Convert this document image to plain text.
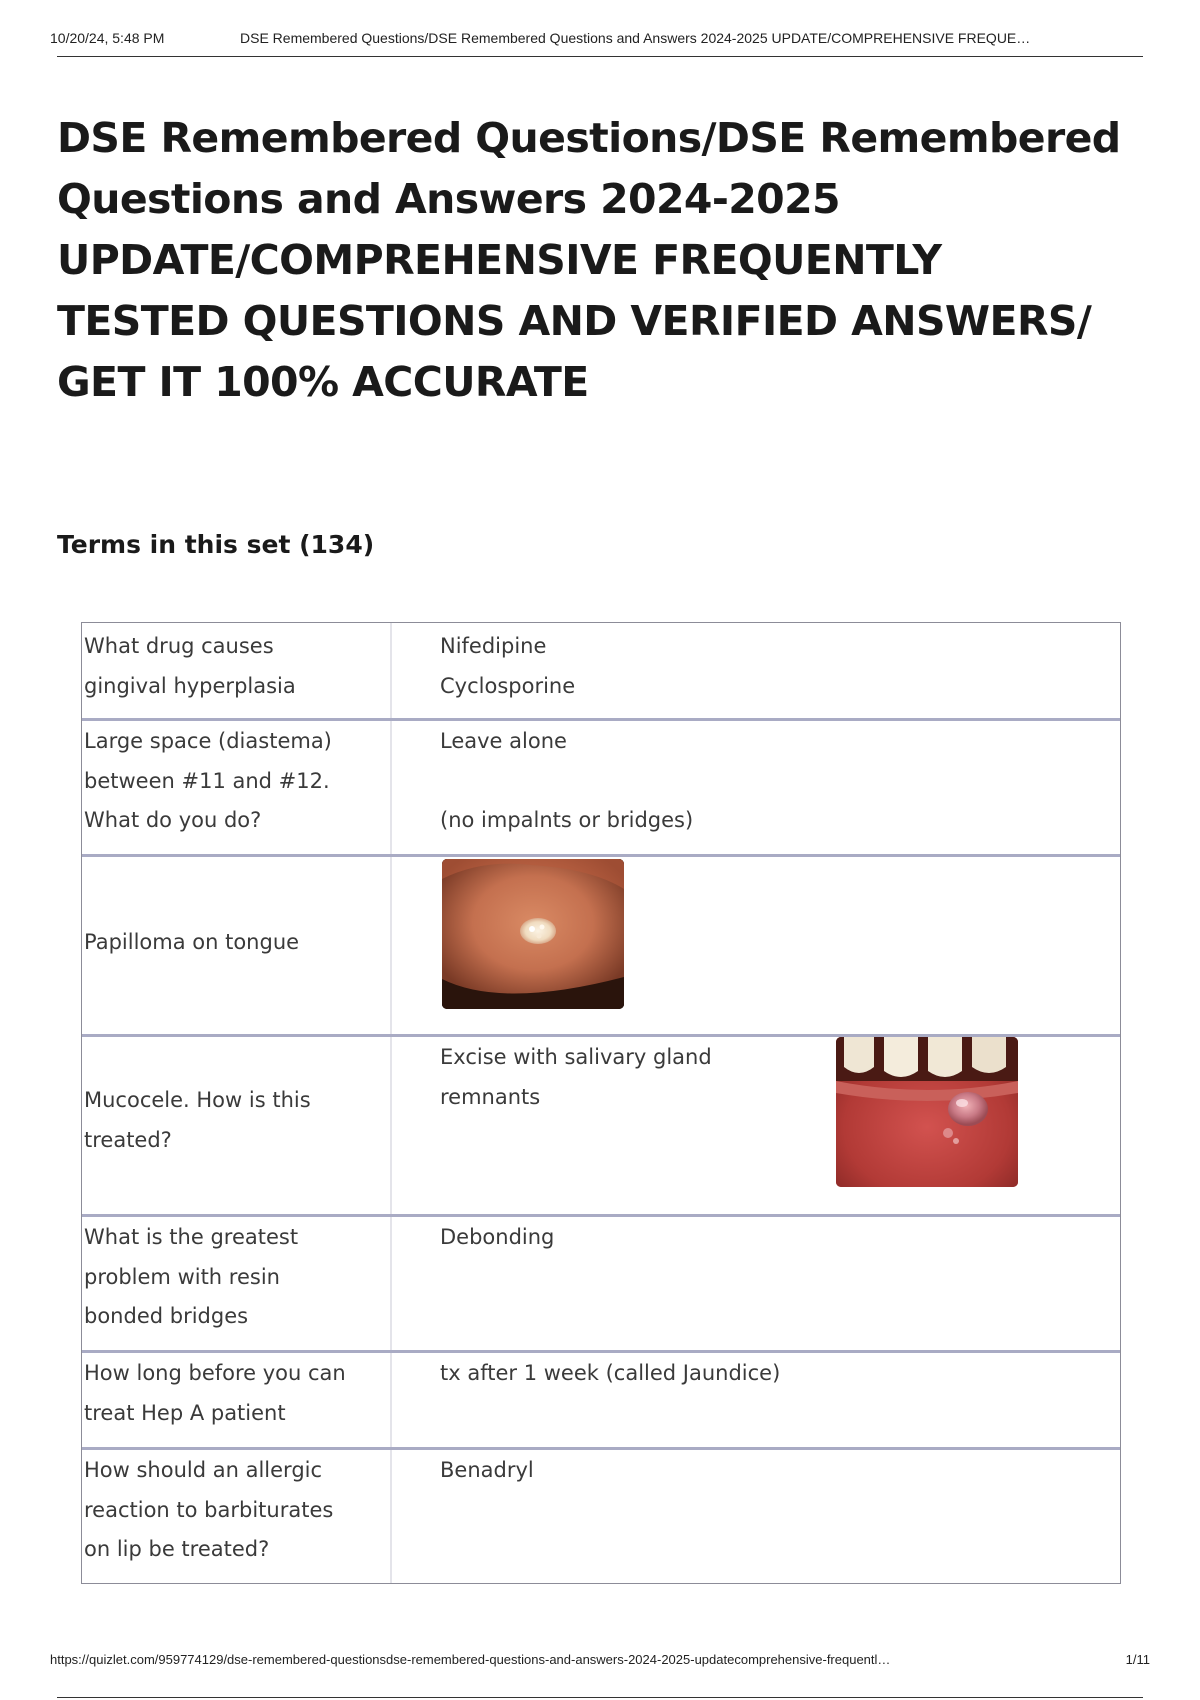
10/20/24, 5:48 PM	DSE Remembered Questions/DSE Remembered Questions and Answers 2024-2025 UPDATE/COMPREHENSIVE FREQUE…
DSE Remembered Questions/DSE Remembered
Questions and Answers 2024-2025
UPDATE/COMPREHENSIVE FREQUENTLY
TESTED QUESTIONS AND VERIFIED ANSWERS/
GET IT 100% ACCURATE
Terms in this set (134)
What drug causes
gingival hyperplasia
Nifedipine
Cyclosporine
Large space (diastema)
between #11 and #12.
What do you do?
Leave alone
(no impalnts or bridges)
Papilloma on tongue
Mucocele. How is this
treated?
Excise with salivary gland
remnants
What is the greatest
problem with resin
bonded bridges
Debonding
How long before you can
treat Hep A patient
tx after 1 week (called Jaundice)
How should an allergic
reaction to barbiturates
on lip be treated?
Benadryl
https://quizlet.com/959774129/dse-remembered-questionsdse-remembered-questions-and-answers-2024-2025-updatecomprehensive-frequentl…	1/11
